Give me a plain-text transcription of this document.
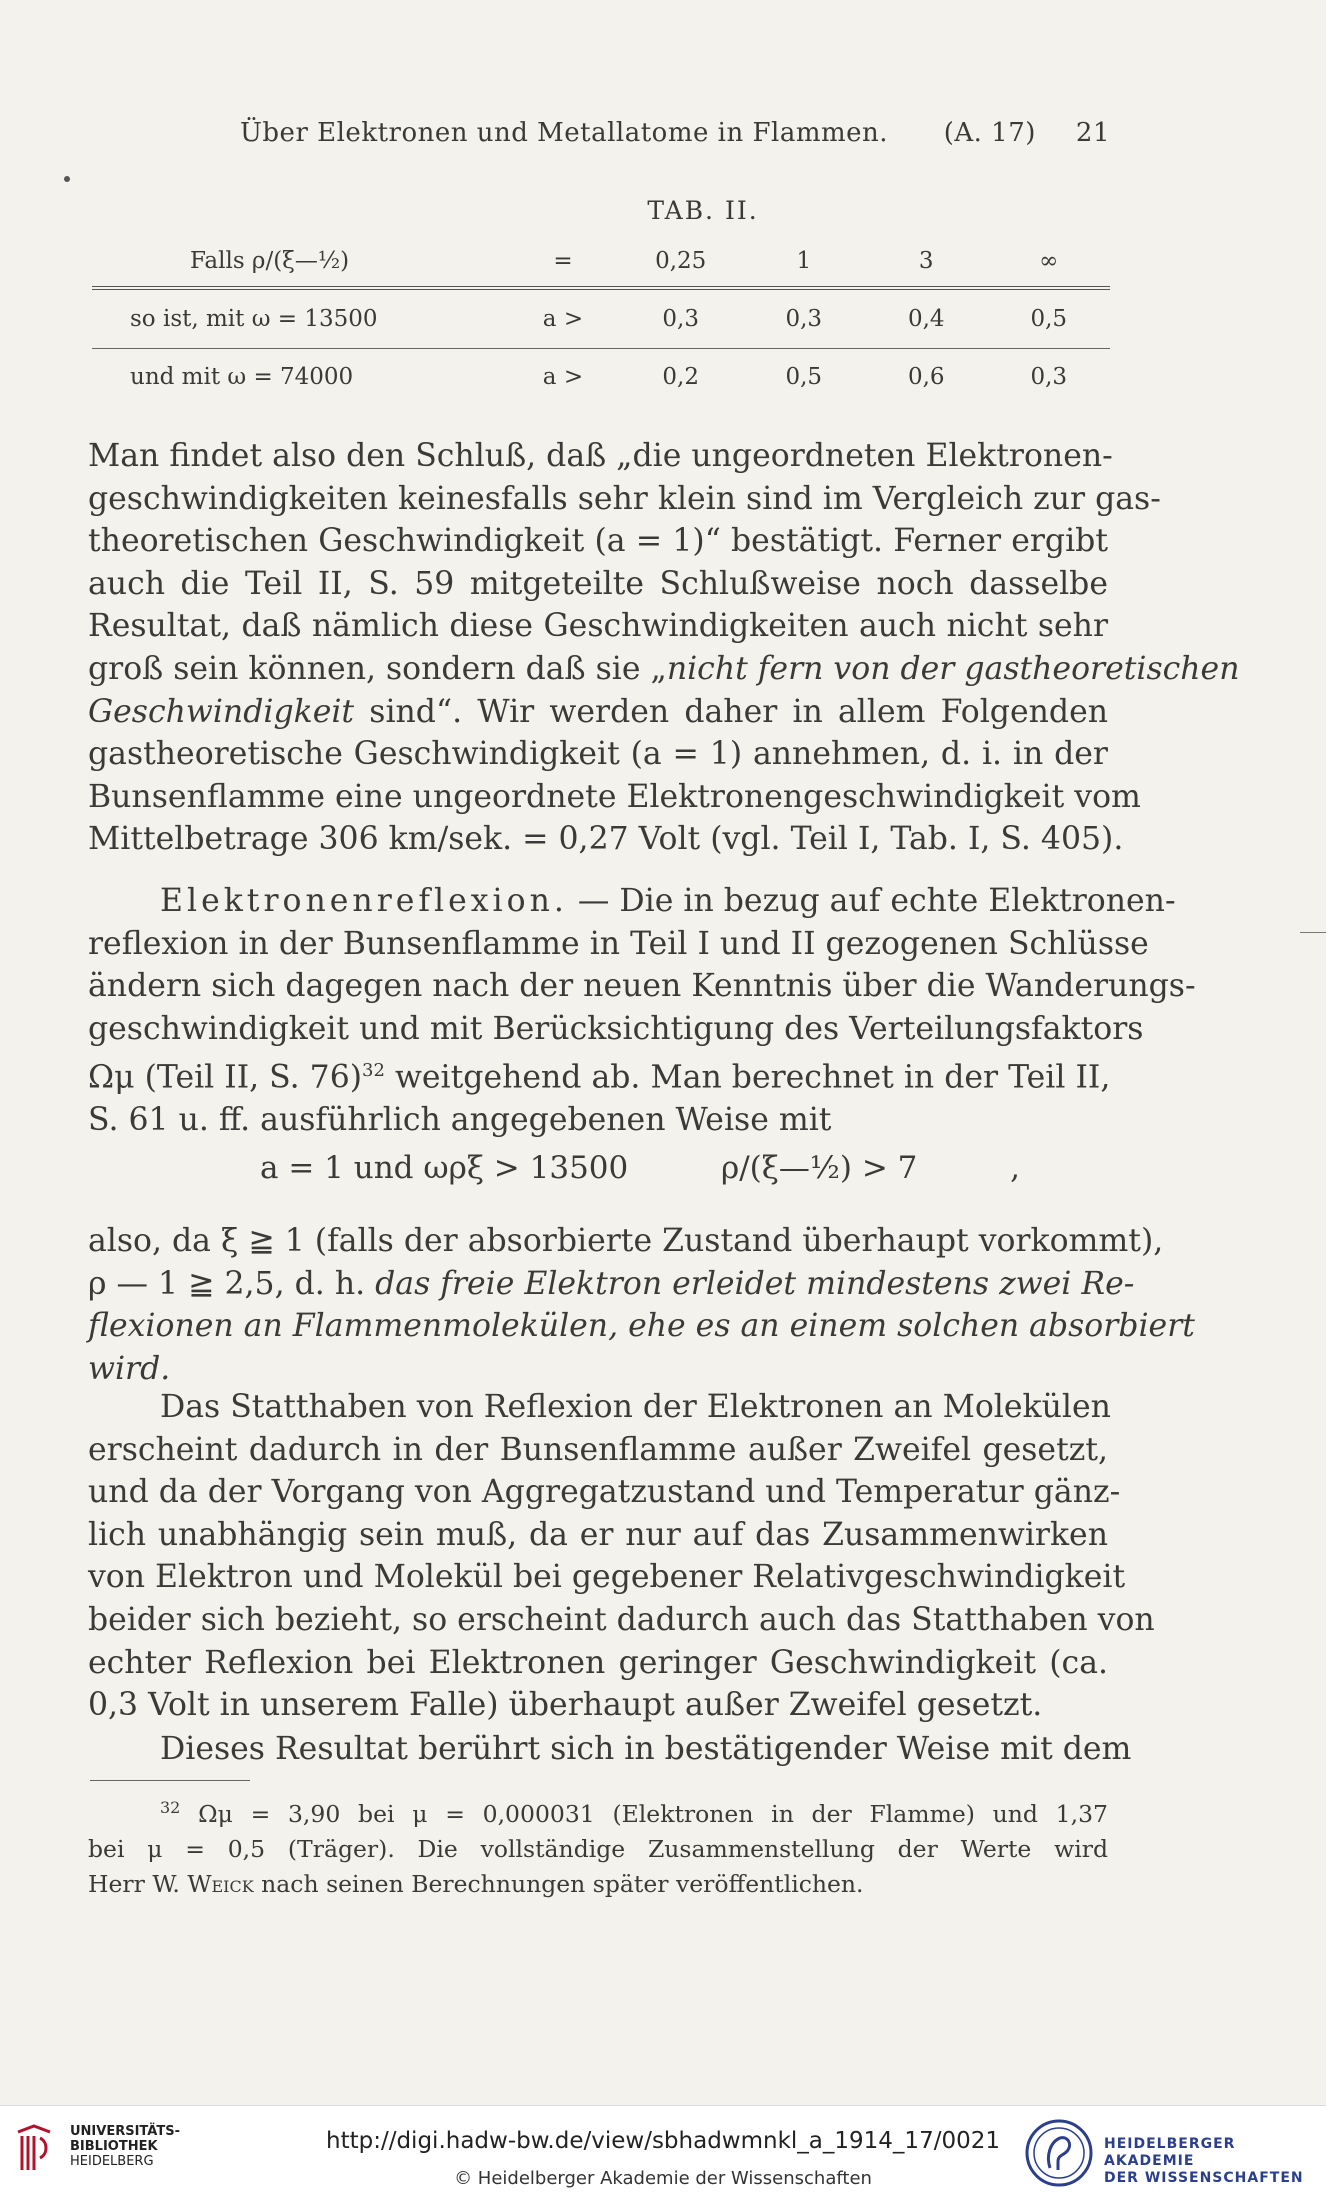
Über Elektronen und Metallatome in Flammen. (A. 17) 21
TAB. II.
Falls ρ/(ξ—½)	=	0,25	1	3	∞
so ist, mit ω = 13500	a >	0,3	0,3	0,4	0,5
und mit ω = 74000	a >	0,2	0,5	0,6	0,3
Man findet also den Schluß, daß „die ungeordneten Elektronen-
geschwindigkeiten keinesfalls sehr klein sind im Vergleich zur gas-
theoretischen Geschwindigkeit (a = 1)“ bestätigt. Ferner ergibt
auch die Teil II, S. 59 mitgeteilte Schlußweise noch dasselbe
Resultat, daß nämlich diese Geschwindigkeiten auch nicht sehr
groß sein können, sondern daß sie „nicht fern von der gastheoretischen
Geschwindigkeit sind“. Wir werden daher in allem Folgenden
gastheoretische Geschwindigkeit (a = 1) annehmen, d. i. in der
Bunsenflamme eine ungeordnete Elektronengeschwindigkeit vom
Mittelbetrage 306 km/sek. = 0,27 Volt (vgl. Teil I, Tab. I, S. 405).
Elektronenreflexion. — Die in bezug auf echte Elektronen-
reflexion in der Bunsenflamme in Teil I und II gezogenen Schlüsse
ändern sich dagegen nach der neuen Kenntnis über die Wanderungs-
geschwindigkeit und mit Berücksichtigung des Verteilungsfaktors
Ωμ (Teil II, S. 76)$^{32}$ weitgehend ab. Man berechnet in der Teil II,
S. 61 u. ff. ausführlich angegebenen Weise mit
a = 1 und ωρξ > 13500	ρ/(ξ—½) > 7	,
also, da ξ ≧ 1 (falls der absorbierte Zustand überhaupt vorkommt),
ρ — 1 ≧ 2,5, d. h. das freie Elektron erleidet mindestens zwei Re-
flexionen an Flammenmolekülen, ehe es an einem solchen absorbiert
wird.
Das Statthaben von Reflexion der Elektronen an Molekülen
erscheint dadurch in der Bunsenflamme außer Zweifel gesetzt,
und da der Vorgang von Aggregatzustand und Temperatur gänz-
lich unabhängig sein muß, da er nur auf das Zusammenwirken
von Elektron und Molekül bei gegebener Relativgeschwindigkeit
beider sich bezieht, so erscheint dadurch auch das Statthaben von
echter Reflexion bei Elektronen geringer Geschwindigkeit (ca.
0,3 Volt in unserem Falle) überhaupt außer Zweifel gesetzt.
Dieses Resultat berührt sich in bestätigender Weise mit dem
$^{32}$ Ωμ = 3,90 bei μ = 0,000031 (Elektronen in der Flamme) und 1,37
bei μ = 0,5 (Träger). Die vollständige Zusammenstellung der Werte wird
Herr W. Weick nach seinen Berechnungen später veröffentlichen.
UNIVERSITÄTS-
BIBLIOTHEK
HEIDELBERG
http://digi.hadw-bw.de/view/sbhadwmnkl_a_1914_17/0021
© Heidelberger Akademie der Wissenschaften
HEIDELBERGER AKADEMIE
DER WISSENSCHAFTEN
